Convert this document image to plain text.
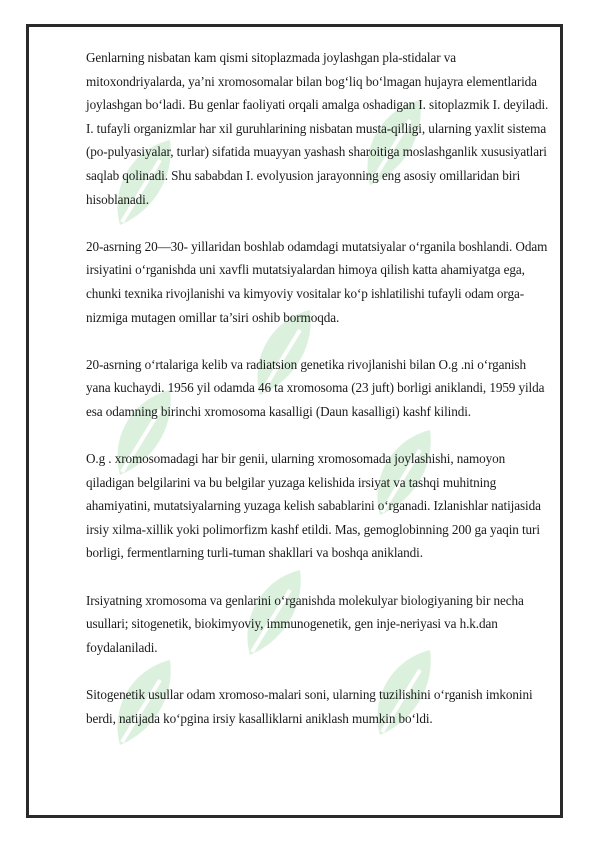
Genlarning nisbatan kam qismi sitoplazmada joylashgan pla-stidalar va mitoxondriyalarda, ya’ni xromosomalar bilan bog‘liq bo‘lmagan hujayra elementlarida joylashgan bo‘ladi. Bu genlar faoliyati orqali amalga oshadigan I. sitoplazmik I. deyiladi. I. tufayli organizmlar har xil guruhlarining nisbatan musta-qilligi, ularning yaxlit sistema (po-pulyasiyalar, turlar) sifatida muayyan yashash sharoitiga moslashganlik xususiyatlari saqlab qolinadi. Shu sababdan I. evolyusion jarayonning eng asosiy omillaridan biri hisoblanadi.

20-asrning 20—30- yillaridan boshlab odamdagi mutatsiyalar o‘rganila boshlandi. Odam irsiyatini o‘rganishda uni xavfli mutatsiyalardan himoya qilish katta ahamiyatga ega, chunki texnika rivojlanishi va kimyoviy vositalar ko‘p ishlatilishi tufayli odam orga-nizmiga mutagen omillar ta’siri oshib bormoqda.

20-asrning o‘rtalariga kelib va radiatsion genetika rivojlanishi bilan O.g .ni o‘rganish yana kuchaydi. 1956 yil odamda 46 ta xromosoma (23 juft) borligi aniklandi, 1959 yilda esa odamning birinchi xromosoma kasalligi (Daun kasalligi) kashf kilindi.

O.g . xromosomadagi har bir genii, ularning xromosomada joylashishi, namoyon qiladigan belgilarini va bu belgilar yuzaga kelishida irsiyat va tashqi muhitning ahamiyatini, mutatsiyalarning yuzaga kelish sabablarini o‘rganadi. Izlanishlar natijasida irsiy xilma-xillik yoki polimorfizm kashf etildi. Mas, gemoglobinning 200 ga yaqin turi borligi, fermentlarning turli-tuman shakllari va boshqa aniklandi.

Irsiyatning xromosoma va genlarini o‘rganishda molekulyar biologiyaning bir necha usullari; sitogenetik, biokimyoviy, immunogenetik, gen inje-neriyasi va h.k.dan foydalaniladi.

Sitogenetik usullar odam xromoso-malari soni, ularning tuzilishini o‘rganish imkonini berdi, natijada ko‘pgina irsiy kasalliklarni aniklash mumkin bo‘ldi.
